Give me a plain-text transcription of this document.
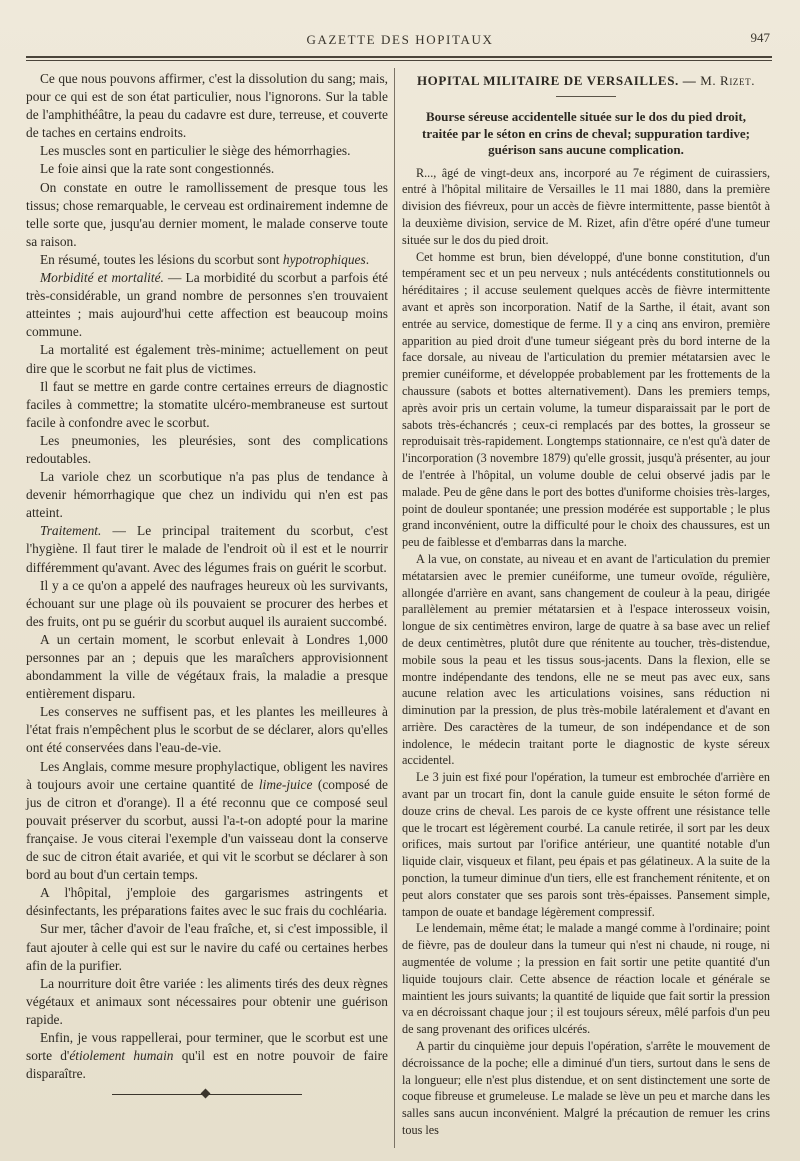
GAZETTE DES HOPITAUX	947

Ce que nous pouvons affirmer, c'est la dissolution du sang; mais, pour ce qui est de son état particulier, nous l'ignorons. Sur la table de l'amphithéâtre, la peau du cadavre est dure, terreuse, et couverte de taches en certains endroits.

Les muscles sont en particulier le siège des hémorrhagies.

Le foie ainsi que la rate sont congestionnés.

On constate en outre le ramollissement de presque tous les tissus; chose remarquable, le cerveau est ordinairement indemne de telle sorte que, jusqu'au dernier moment, le malade conserve toute sa raison.

En résumé, toutes les lésions du scorbut sont hypotrophiques.

Morbidité et mortalité. — La morbidité du scorbut a parfois été très-considérable, un grand nombre de personnes s'en trouvaient atteintes ; mais aujourd'hui cette affection est beaucoup moins commune.

La mortalité est également très-minime; actuellement on peut dire que le scorbut ne fait plus de victimes.

Il faut se mettre en garde contre certaines erreurs de diagnostic faciles à commettre; la stomatite ulcéro-membraneuse est surtout facile à confondre avec le scorbut.

Les pneumonies, les pleurésies, sont des complications redoutables.

La variole chez un scorbutique n'a pas plus de tendance à devenir hémorrhagique que chez un individu qui n'en est pas atteint.

Traitement. — Le principal traitement du scorbut, c'est l'hygiène. Il faut tirer le malade de l'endroit où il est et le nourrir différemment qu'avant. Avec des légumes frais on guérit le scorbut.

Il y a ce qu'on a appelé des naufrages heureux où les survivants, échouant sur une plage où ils pouvaient se procurer des herbes et des fruits, ont pu se guérir du scorbut auquel ils auraient succombé.

A un certain moment, le scorbut enlevait à Londres 1,000 personnes par an ; depuis que les maraîchers approvisionnent abondamment la ville de végétaux frais, la maladie a presque entièrement disparu.

Les conserves ne suffisent pas, et les plantes les meilleures à l'état frais n'empêchent plus le scorbut de se déclarer, alors qu'elles ont été conservées dans l'eau-de-vie.

Les Anglais, comme mesure prophylactique, obligent les navires à toujours avoir une certaine quantité de lime-juice (composé de jus de citron et d'orange). Il a été reconnu que ce composé seul pouvait préserver du scorbut, aussi l'a-t-on adopté pour la marine française. Je vous citerai l'exemple d'un vaisseau dont la conserve de suc de citron était avariée, et qui vit le scorbut se déclarer à son bord au bout d'un certain temps.

A l'hôpital, j'emploie des gargarismes astringents et désinfectants, les préparations faites avec le suc frais du cochléaria.

Sur mer, tâcher d'avoir de l'eau fraîche, et, si c'est impossible, il faut ajouter à celle qui est sur le navire du café ou certaines herbes afin de la purifier.

La nourriture doit être variée : les aliments tirés des deux règnes végétaux et animaux sont nécessaires pour obtenir une guérison rapide.

Enfin, je vous rappellerai, pour terminer, que le scorbut est une sorte d'étiolement humain qu'il est en notre pouvoir de faire disparaître.

HOPITAL MILITAIRE DE VERSAILLES. — M. Rizet.
Bourse séreuse accidentelle située sur le dos du pied droit, traitée par le séton en crins de cheval; suppuration tardive; guérison sans aucune complication.

R..., âgé de vingt-deux ans, incorporé au 7e régiment de cuirassiers, entré à l'hôpital militaire de Versailles le 11 mai 1880, dans la première division des fiévreux, pour un accès de fièvre intermittente, passe bientôt à la deuxième division, service de M. Rizet, afin d'être opéré d'une tumeur située sur le dos du pied droit.

Cet homme est brun, bien développé, d'une bonne constitution, d'un tempérament sec et un peu nerveux ; nuls antécédents constitutionnels ou héréditaires ; il accuse seulement quelques accès de fièvre intermittente avant et après son incorporation. Natif de la Sarthe, il était, avant son entrée au service, domestique de ferme. Il y a cinq ans environ, première apparition au pied droit d'une tumeur siégeant près du bord interne de la face dorsale, au niveau de l'articulation du premier métatarsien avec le premier cunéiforme, et développée probablement par les frottements de la chaussure (sabots et bottes alternativement). Dans les premiers temps, après avoir pris un certain volume, la tumeur disparaissait par le port de sabots très-échancrés ; ceux-ci remplacés par des bottes, la grosseur se reproduisait très-rapidement. Longtemps stationnaire, ce n'est qu'à dater de l'incorporation (3 novembre 1879) qu'elle grossit, jusqu'à présenter, au jour de l'entrée à l'hôpital, un volume double de celui observé jadis par le malade. Peu de gêne dans le port des bottes d'uniforme choisies très-larges, point de douleur spontanée; une pression modérée est supportable ; le plus grand inconvénient, outre la difficulté pour le choix des chaussures, est un peu de faiblesse et d'embarras dans la marche.

A la vue, on constate, au niveau et en avant de l'articulation du premier métatarsien avec le premier cunéiforme, une tumeur ovoïde, régulière, allongée d'arrière en avant, sans changement de couleur à la peau, dirigée parallèlement au premier métatarsien et à l'espace interosseux voisin, longue de six centimètres environ, large de quatre à sa base avec un relief de deux centimètres, plutôt dure que rénitente au toucher, très-distendue, mobile sous la peau et les tissus sous-jacents. Dans la flexion, elle se montre indépendante des tendons, elle ne se meut pas avec eux, sans aucune relation avec les articulations voisines, sans réduction ni diminution par la pression, de plus très-mobile latéralement et d'avant en arrière. Des caractères de la tumeur, de son indépendance et de son indolence, le médecin traitant porte le diagnostic de kyste séreux accidentel.

Le 3 juin est fixé pour l'opération, la tumeur est embrochée d'arrière en avant par un trocart fin, dont la canule guide ensuite le séton formé de douze crins de cheval. Les parois de ce kyste offrent une résistance telle que le trocart est légèrement courbé. La canule retirée, il sort par les deux orifices, mais surtout par l'orifice antérieur, une quantité notable d'un liquide clair, visqueux et filant, peu épais et pas gélatineux. A la suite de la ponction, la tumeur diminue d'un tiers, elle est franchement rénitente, et on peut alors constater que ses parois sont très-épaisses. Pansement simple, tampon de ouate et bandage légèrement compressif.

Le lendemain, même état; le malade a mangé comme à l'ordinaire; point de fièvre, pas de douleur dans la tumeur qui n'est ni chaude, ni rouge, ni augmentée de volume ; la pression en fait sortir une petite quantité d'un liquide toujours clair. Cette absence de réaction locale et générale se maintient les jours suivants; la quantité de liquide que fait sortir la pression va en décroissant chaque jour ; il est toujours séreux, mêlé parfois d'un peu de sang provenant des orifices ulcérés.

A partir du cinquième jour depuis l'opération, s'arrête le mouvement de décroissance de la poche; elle a diminué d'un tiers, surtout dans le sens de la longueur; elle n'est plus distendue, et on sent distinctement une sorte de coque fibreuse et grumeleuse. Le malade se lève un peu et marche dans les salles sans aucun inconvénient. Malgré la précaution de remuer les crins tous les
